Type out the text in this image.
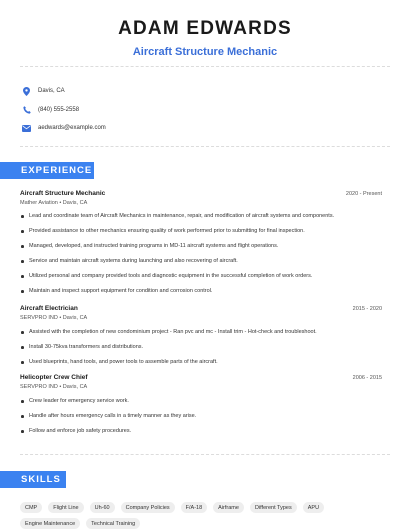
ADAM EDWARDS
Aircraft Structure Mechanic
Davis, CA
(840) 555-2558
aedwards@example.com
EXPERIENCE
Aircraft Structure Mechanic	2020 - Present
Mather Aviation • Davis, CA
Lead and coordinate team of Aircraft Mechanics in maintenance, repair, and modification of aircraft systems and components.
Provided assistance to other mechanics ensuring quality of work performed prior to submitting for final inspection.
Managed, developed, and instructed training programs in MD-11 aircraft systems and flight operations.
Service and maintain aircraft systems during launching and also recovering of aircraft.
Utilized personal and company provided tools and diagnostic equipment in the successful completion of work orders.
Maintain and inspect support equipment for condition and corrosion control.
Aircraft Electrician	2015 - 2020
SERVPRO IND • Davis, CA
Assisted with the completion of new condominium project - Ran pvc and mc - Install trim - Hot-check and troubleshoot.
Install 30-75kva transformers and distributions.
Used blueprints, hand tools, and power tools to assemble parts of the aircraft.
Helicopter Crew Chief	2006 - 2015
SERVPRO IND • Davis, CA
Crew leader for emergency service work.
Handle after hours emergency calls in a timely manner as they arise.
Follow and enforce job safety procedures.
SKILLS
CMP	Flight Line	Uh-60	Company Policies	F/A-18	Airframe	Different Types	APU
Engine Maintenance	Technical Training
